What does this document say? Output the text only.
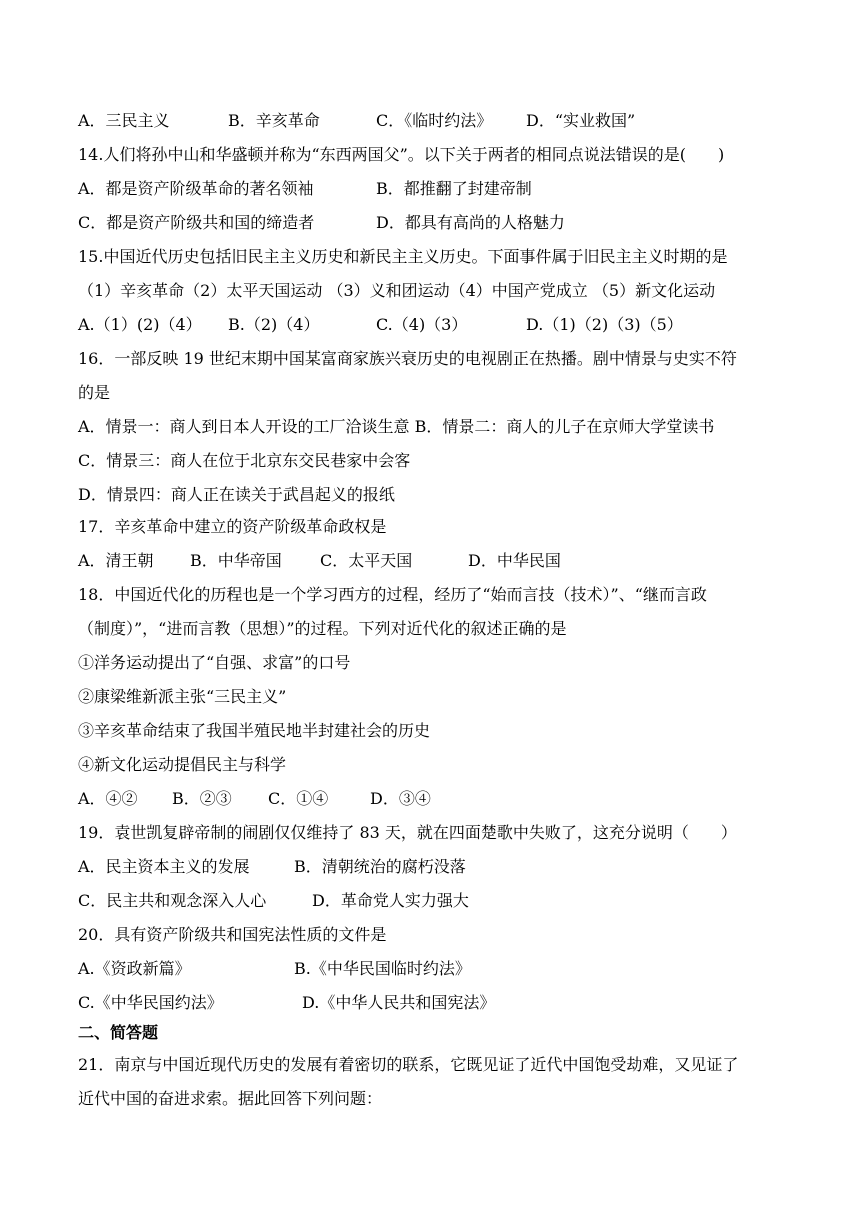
A．三民主义	B．辛亥革命	C．《临时约法》 D．“实业救国”
14.人们将孙中山和华盛顿并称为“东西两国父”。以下关于两者的相同点说法错误的是(　　)
A．都是资产阶级革命的著名领袖	B．都推翻了封建帝制
C．都是资产阶级共和国的缔造者	D．都具有高尚的人格魅力
15.中国近代历史包括旧民主主义历史和新民主主义历史。下面事件属于旧民主主义时期的是
（1）辛亥革命（2）太平天国运动 （3）义和团运动（4）中国产党成立 （5）新文化运动
A.（1）(2)（4） B.（2)（4）	C.（4)（3）	D.（1)（2)（3)（5）
16．一部反映 19 世纪末期中国某富商家族兴衰历史的电视剧正在热播。剧中情景与史实不符
的是
A．情景一：商人到日本人开设的工厂洽谈生意 B．情景二：商人的儿子在京师大学堂读书
C．情景三：商人在位于北京东交民巷家中会客
D．情景四：商人正在读关于武昌起义的报纸
17．辛亥革命中建立的资产阶级革命政权是
A．清王朝 B．中华帝国 C．太平天国	D．中华民国
18．中国近代化的历程也是一个学习西方的过程，经历了“始而言技（技术）”、“继而言政
（制度）”，“进而言教（思想）”的过程。下列对近代化的叙述正确的是
①洋务运动提出了“自强、求富”的口号
②康梁维新派主张“三民主义”
③辛亥革命结束了我国半殖民地半封建社会的历史
④新文化运动提倡民主与科学
A．④② B．②③ C．①④	D．③④
19．袁世凯复辟帝制的闹剧仅仅维持了 83 天，就在四面楚歌中失败了，这充分说明（　　）
A．民主资本主义的发展	B．清朝统治的腐朽没落
C．民主共和观念深入人心	D．革命党人实力强大
20．具有资产阶级共和国宪法性质的文件是
A.《资政新篇》	B.《中华民国临时约法》
C.《中华民国约法》	D.《中华人民共和国宪法》
二、简答题
21．南京与中国近现代历史的发展有着密切的联系，它既见证了近代中国饱受劫难，又见证了
近代中国的奋进求索。据此回答下列问题：
